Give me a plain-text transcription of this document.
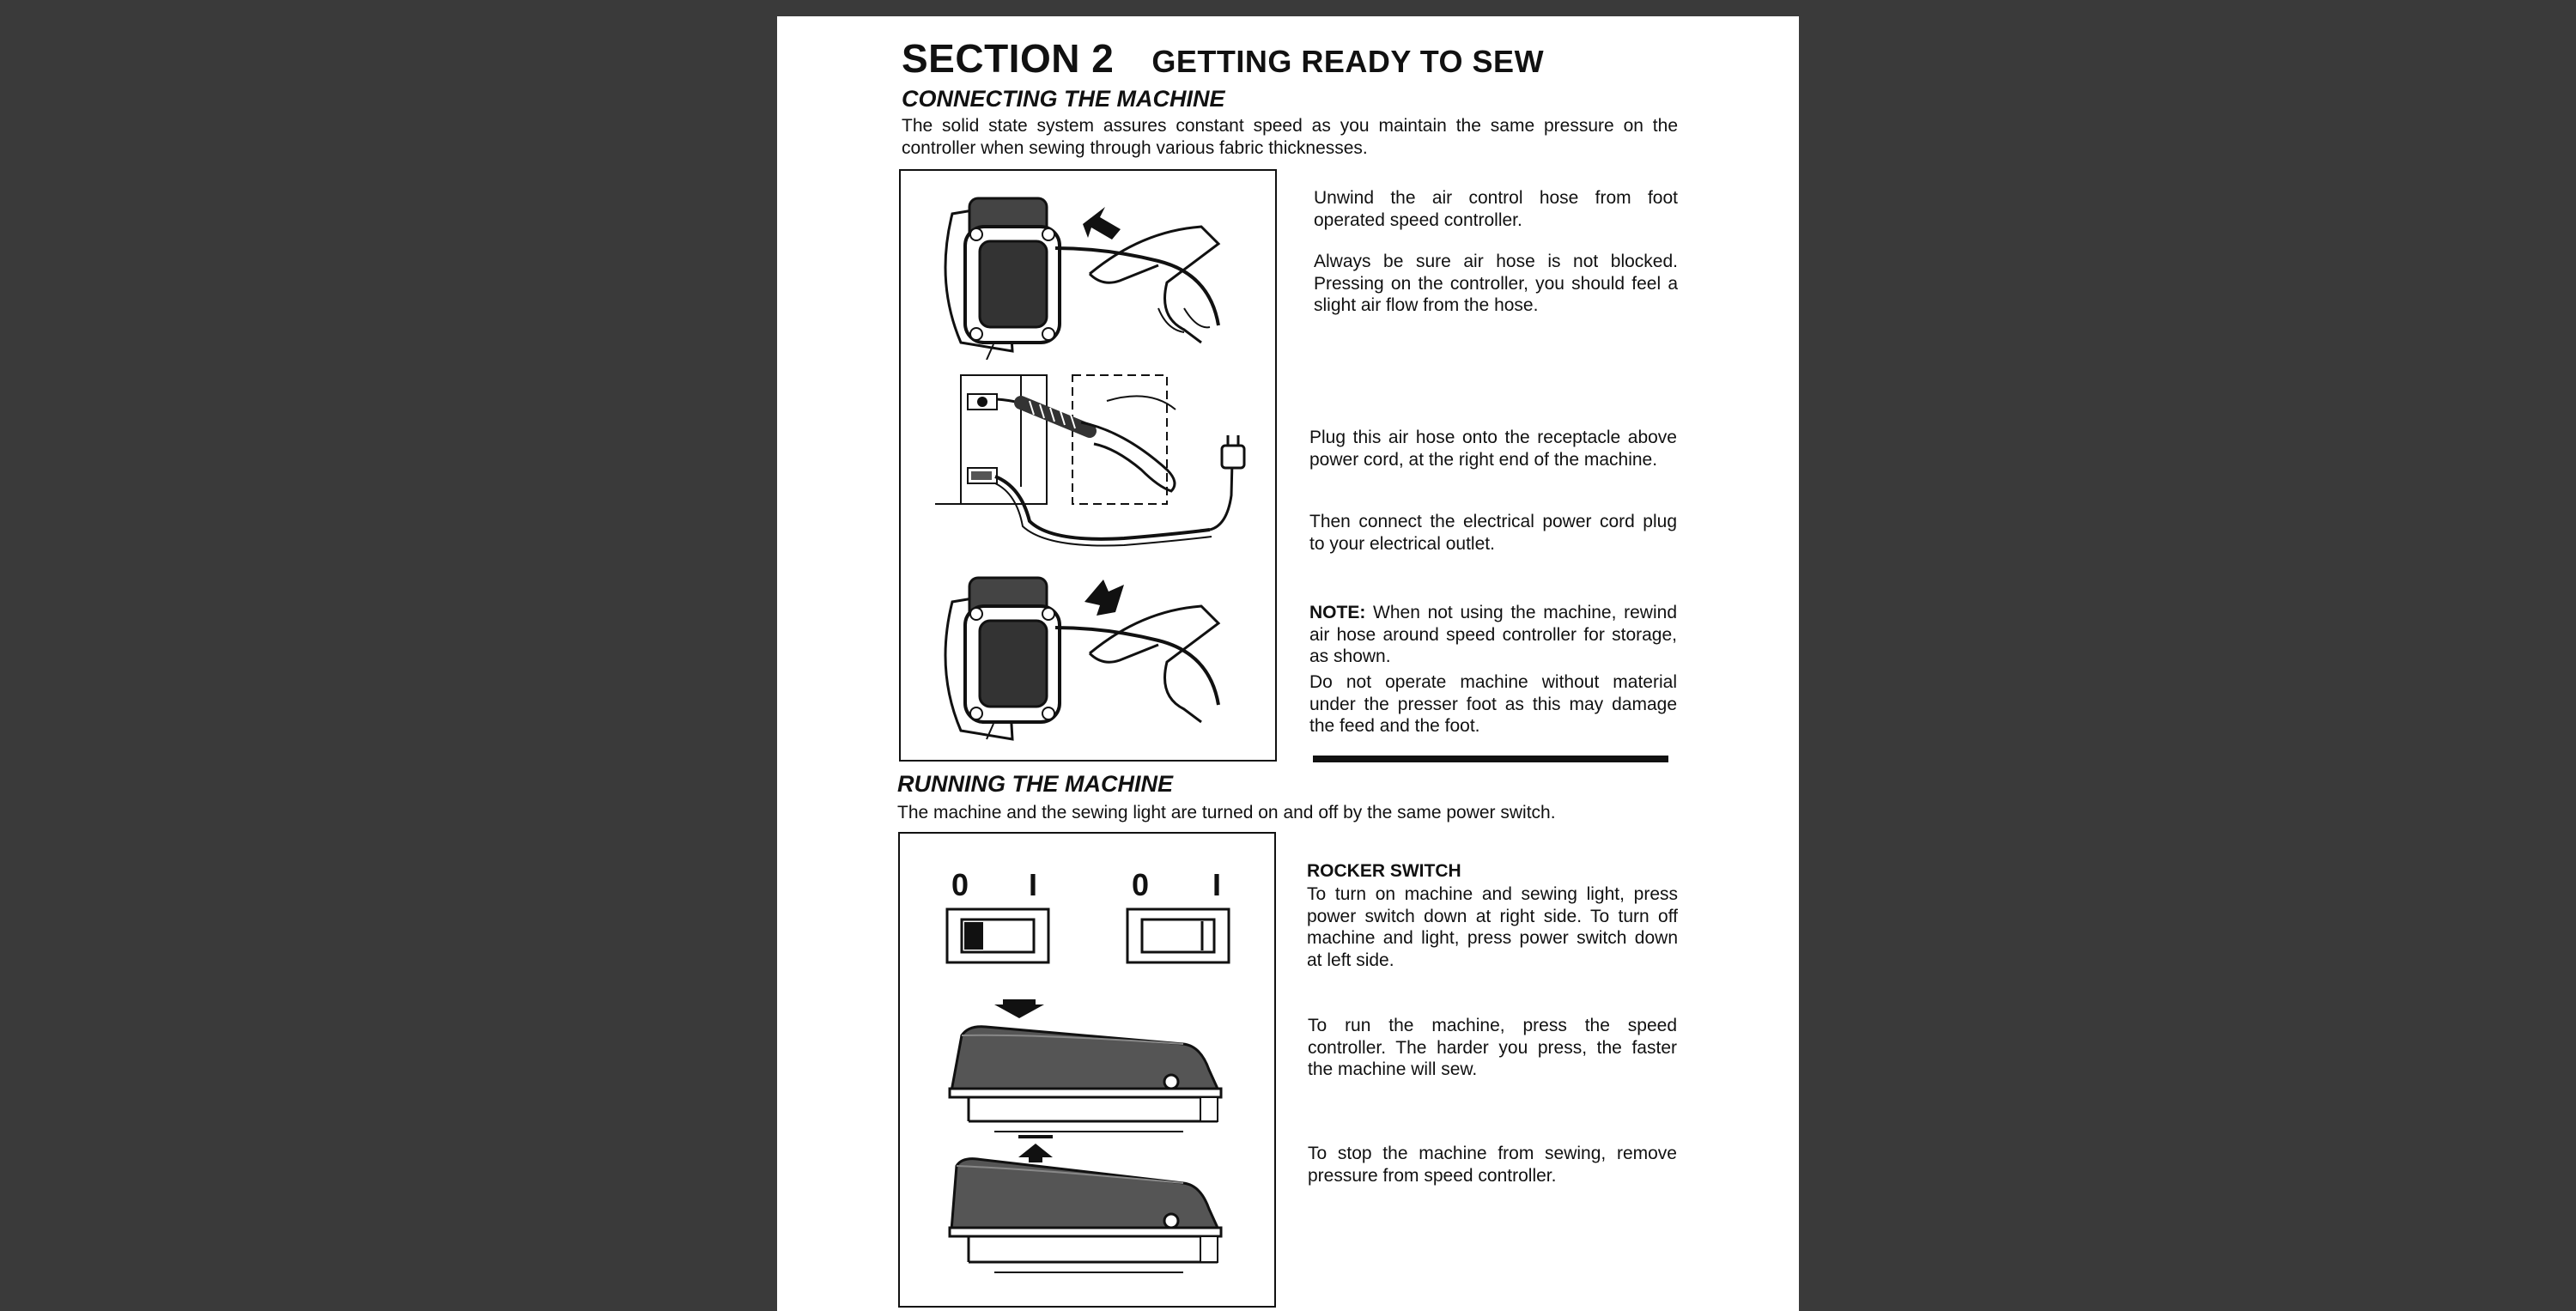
SECTION 2 GETTING READY TO SEW
CONNECTING THE MACHINE
The solid state system assures constant speed as you maintain the same pressure on the controller when sewing through various fabric thicknesses.
Unwind the air control hose from foot operated speed controller.
Always be sure air hose is not blocked. Pressing on the controller, you should feel a slight air flow from the hose.
Plug this air hose onto the receptacle above power cord, at the right end of the machine.
Then connect the electrical power cord plug to your electrical outlet.
NOTE: When not using the machine, rewind air hose around speed controller for storage, as shown.
Do not operate machine without material under the presser foot as this may damage the feed and the foot.
RUNNING THE MACHINE
The machine and the sewing light are turned on and off by the same power switch.
0 I	0 I	ROCKER SWITCH
To turn on machine and sewing light, press power switch down at right side. To turn off machine and light, press power switch down at left side.
To run the machine, press the speed controller. The harder you press, the faster the machine will sew.
To stop the machine from sewing, remove pressure from speed controller.
